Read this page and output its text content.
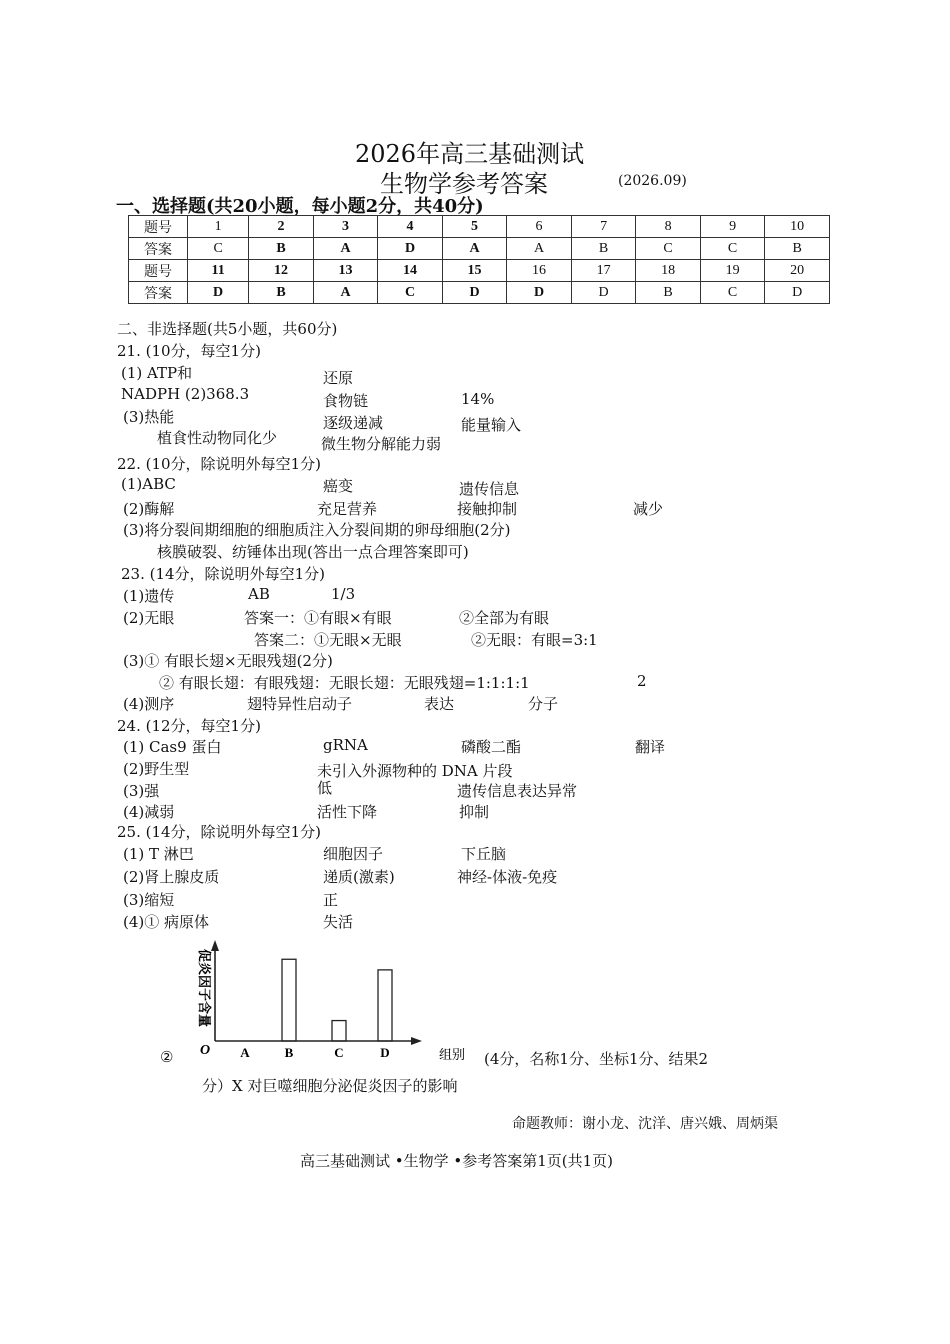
2026年高三基础测试
生物学参考答案	(2026.09)
一、选择题(共20小题，每小题2分，共40分)
题号	1	2	3	4	5	6	7	8	9	10
答案	C	B	A	D	A	A	B	C	C	B
题号	11	12	13	14	15	16	17	18	19	20
答案	D	B	A	C	D	D	D	B	C	D
二、非选择题(共5小题，共60分)
21. (10分，每空1分)
(1) ATP和	还原
NADPH (2)368.3	食物链	14%
(3)热能	逐级递减	能量输入
植食性动物同化少	微生物分解能力弱
22. (10分，除说明外每空1分)
(1)ABC	癌变	遗传信息
(2)酶解	充足营养	接触抑制	减少
(3)将分裂间期细胞的细胞质注入分裂间期的卵母细胞(2分)
核膜破裂、纺锤体出现(答出一点合理答案即可)
23. (14分，除说明外每空1分)
(1)遗传	AB	1/3
(2)无眼	答案一：①有眼×有眼	②全部为有眼
答案二：①无眼×无眼	②无眼：有眼=3:1
(3)① 有眼长翅×无眼残翅(2分)
② 有眼长翅：有眼残翅：无眼长翅：无眼残翅=1:1:1:1	2
(4)测序	翅特异性启动子	表达	分子
24. (12分，每空1分)
(1) Cas9 蛋白	gRNA	磷酸二酯	翻译
(2)野生型	未引入外源物种的 DNA 片段
(3)强	低	遗传信息表达异常
(4)减弱	活性下降	抑制
25. (14分，除说明外每空1分)
(1) T 淋巴	细胞因子	下丘脑
(2)肾上腺皮质	递质(激素)	神经-体液-免疫
(3)缩短	正
(4)① 病原体	失活
O	组别
促炎因子含量
A	B	C	D
②	(4分，名称1分、坐标1分、结果2
分）X 对巨噬细胞分泌促炎因子的影响
命题教师：谢小龙、沈洋、唐兴娥、周炳渠
高三基础测试 •生物学 •参考答案第1页(共1页)
